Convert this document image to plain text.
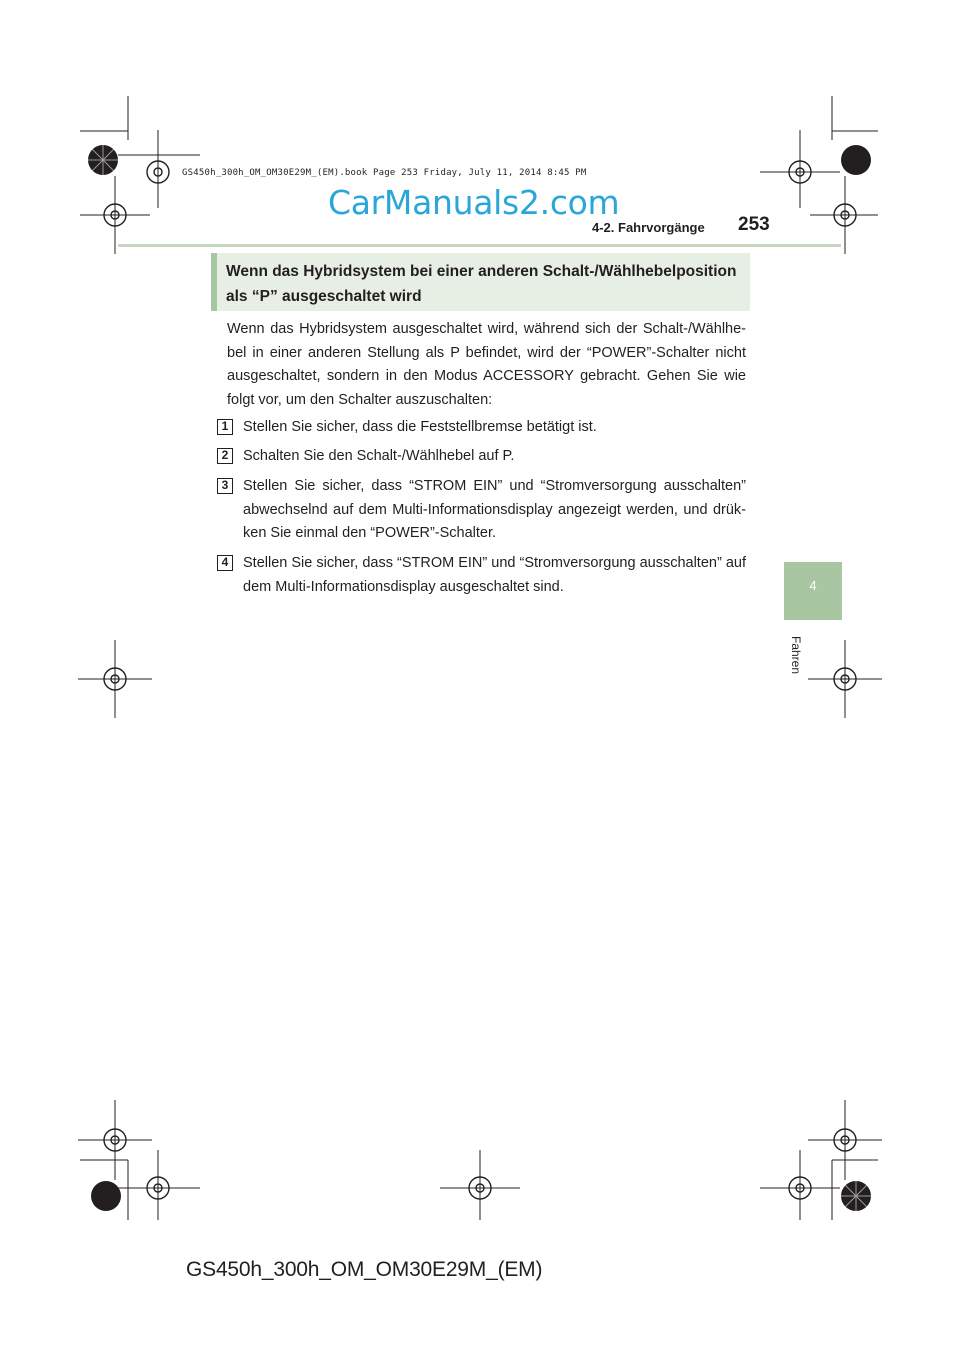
GS450h_300h_OM_OM30E29M_(EM).book Page 253 Friday, July 11, 2014 8:45 PM
CarManuals2.com
4-2. Fahrvorgänge 253
4
Fahren
Wenn das Hybridsystem bei einer anderen Schalt-/Wählhebelposition
als “P” ausgeschaltet wird
Wenn das Hybridsystem ausgeschaltet wird, während sich der Schalt-/Wählhe-bel in einer anderen Stellung als P befindet, wird der “POWER”-Schalter nicht ausgeschaltet, sondern in den Modus ACCESSORY gebracht. Gehen Sie wie folgt vor, um den Schalter auszuschalten:
1	Stellen Sie sicher, dass die Feststellbremse betätigt ist.
2	Schalten Sie den Schalt-/Wählhebel auf P.
3	Stellen Sie sicher, dass “STROM EIN” und “Stromversorgung ausschalten” abwechselnd auf dem Multi-Informationsdisplay angezeigt werden, und drük-ken Sie einmal den “POWER”-Schalter.
4	Stellen Sie sicher, dass “STROM EIN” und “Stromversorgung ausschalten” auf dem Multi-Informationsdisplay ausgeschaltet sind.
GS450h_300h_OM_OM30E29M_(EM)
